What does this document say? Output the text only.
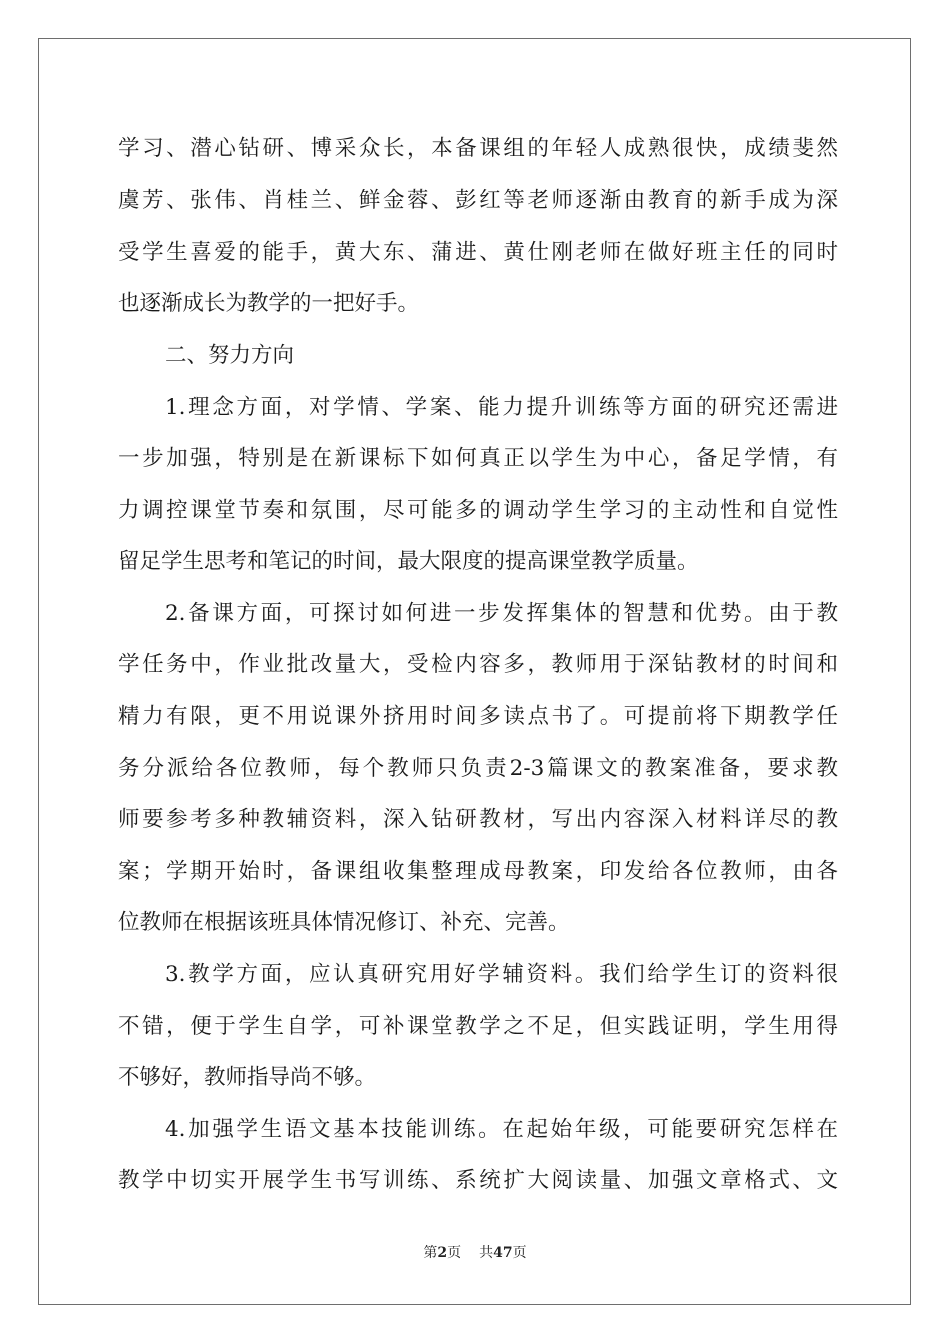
学习、潜心钻研、博采众长，本备课组的年轻人成熟很快，成绩斐然
虞芳、张伟、肖桂兰、鲜金蓉、彭红等老师逐渐由教育的新手成为深
受学生喜爱的能手，黄大东、蒲进、黄仕刚老师在做好班主任的同时
也逐渐成长为教学的一把好手。
二、努力方向
1.理念方面，对学情、学案、能力提升训练等方面的研究还需进
一步加强，特别是在新课标下如何真正以学生为中心，备足学情，有
力调控课堂节奏和氛围，尽可能多的调动学生学习的主动性和自觉性
留足学生思考和笔记的时间，最大限度的提高课堂教学质量。
2.备课方面，可探讨如何进一步发挥集体的智慧和优势。由于教
学任务中，作业批改量大，受检内容多，教师用于深钻教材的时间和
精力有限，更不用说课外挤用时间多读点书了。可提前将下期教学任
务分派给各位教师，每个教师只负责2-3篇课文的教案准备，要求教
师要参考多种教辅资料，深入钻研教材，写出内容深入材料详尽的教
案；学期开始时，备课组收集整理成母教案，印发给各位教师，由各
位教师在根据该班具体情况修订、补充、完善。
3.教学方面，应认真研究用好学辅资料。我们给学生订的资料很
不错，便于学生自学，可补课堂教学之不足，但实践证明，学生用得
不够好，教师指导尚不够。
4.加强学生语文基本技能训练。在起始年级，可能要研究怎样在
教学中切实开展学生书写训练、系统扩大阅读量、加强文章格式、文
第2页 共47页
